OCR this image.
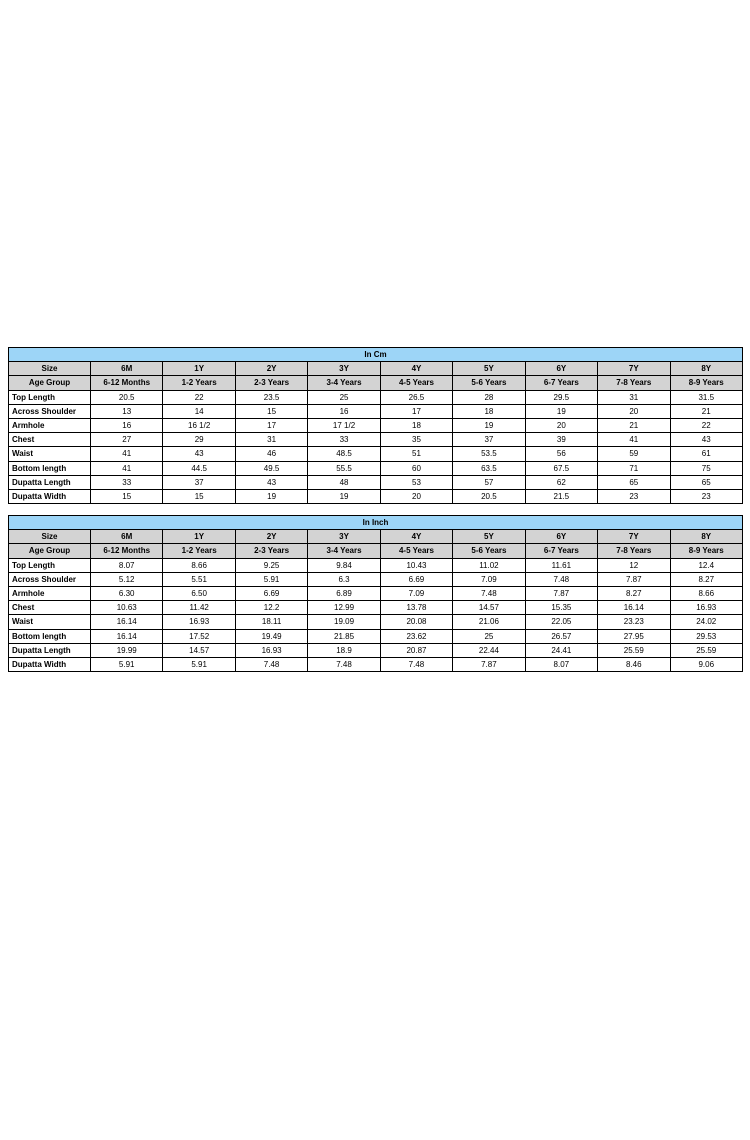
In Cm									
Size	6M	1Y	2Y	3Y	4Y	5Y	6Y	7Y	8Y
Age Group	6-12 Months	1-2 Years	2-3 Years	3-4 Years	4-5 Years	5-6 Years	6-7 Years	7-8 Years	8-9 Years
Top Length	20.5	22	23.5	25	26.5	28	29.5	31	31.5
Across Shoulder	13	14	15	16	17	18	19	20	21
Armhole	16	16 1/2	17	17 1/2	18	19	20	21	22
Chest	27	29	31	33	35	37	39	41	43
Waist	41	43	46	48.5	51	53.5	56	59	61
Bottom length	41	44.5	49.5	55.5	60	63.5	67.5	71	75
Dupatta Length	33	37	43	48	53	57	62	65	65
Dupatta Width	15	15	19	19	20	20.5	21.5	23	23
In Inch									
Size	6M	1Y	2Y	3Y	4Y	5Y	6Y	7Y	8Y
Age Group	6-12 Months	1-2 Years	2-3 Years	3-4 Years	4-5 Years	5-6 Years	6-7 Years	7-8 Years	8-9 Years
Top Length	8.07	8.66	9.25	9.84	10.43	11.02	11.61	12	12.4
Across Shoulder	5.12	5.51	5.91	6.3	6.69	7.09	7.48	7.87	8.27
Armhole	6.30	6.50	6.69	6.89	7.09	7.48	7.87	8.27	8.66
Chest	10.63	11.42	12.2	12.99	13.78	14.57	15.35	16.14	16.93
Waist	16.14	16.93	18.11	19.09	20.08	21.06	22.05	23.23	24.02
Bottom length	16.14	17.52	19.49	21.85	23.62	25	26.57	27.95	29.53
Dupatta Length	19.99	14.57	16.93	18.9	20.87	22.44	24.41	25.59	25.59
Dupatta Width	5.91	5.91	7.48	7.48	7.48	7.87	8.07	8.46	9.06
